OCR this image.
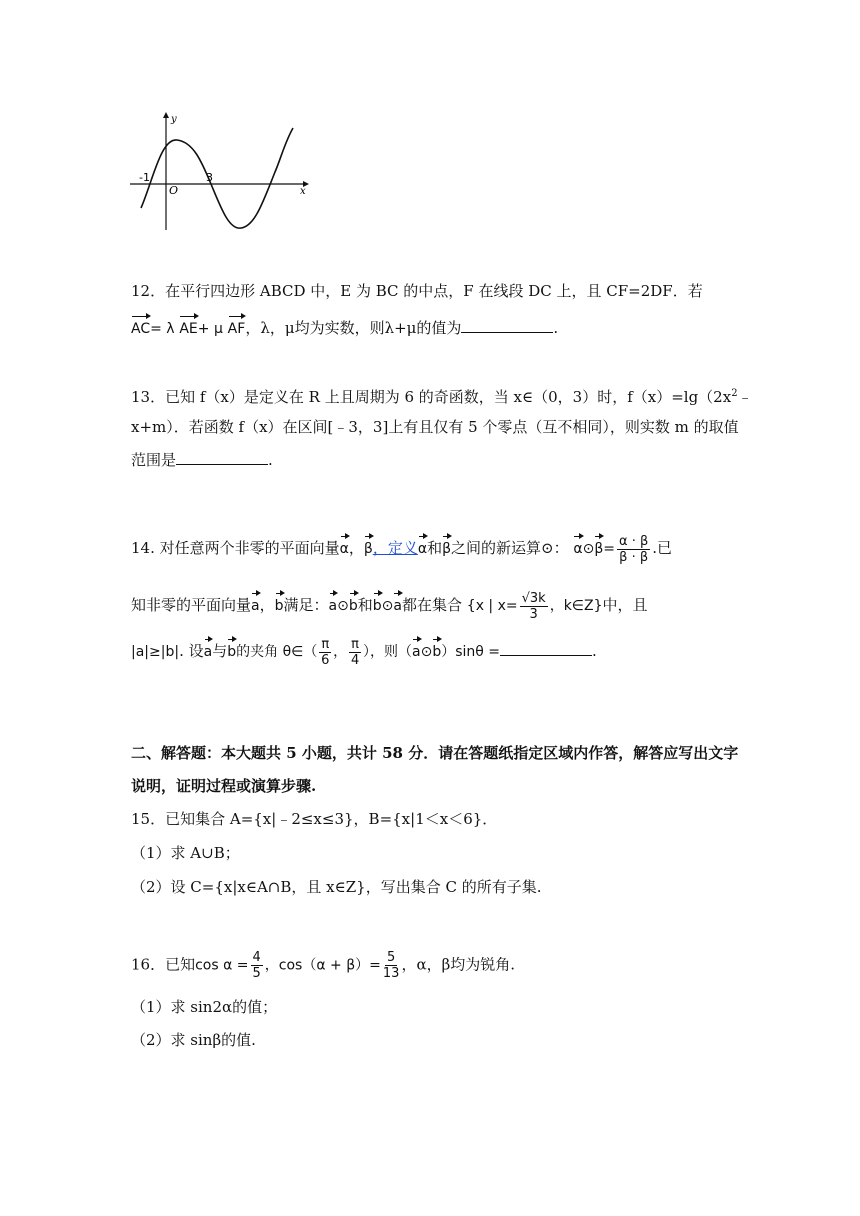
y
x
-1
O
3
12．在平行四边形 ABCD 中，E 为 BC 的中点，F 在线段 DC 上，且 CF=2DF．若
AC= λ AE+ μ AF，λ，μ均为实数，则λ+μ的值为	.
13．已知 f（x）是定义在 R 上且周期为 6 的奇函数，当 x∈（0，3）时，$f(x)=\lg(2x^2﹣$
x+m）．若函数 f（x）在区间[﹣3，3]上有且仅有 5 个零点（互不相同），则实数 m 的取值
范围是	.
14. 对任意两个非零的平面向量α，β，定义α和β之间的新运算⊙： α⊙β= $\frac{\alpha \cdot \beta}{\beta \cdot \beta}$ .已
知非零的平面向量a，b满足：a⊙b和b⊙a都在集合 {x | $x= \frac{√3k}{3}$ ，k∈Z}中，且
|a|≥|b|. 设a与b的夹角 θ∈（ $\frac{\pi}{6}$ ， $\frac{\pi}{4}$ ），则（a⊙b）sinθ =	.
二、解答题：本大题共 5 小题，共计 58 分．请在答题纸指定区域内作答，解答应写出文字
说明，证明过程或演算步骤.
15．已知集合 A={x|﹣2≤x≤3}，B={x|1＜x＜6}．
（1）求 A∪B；
（2）设 C={x|x∈A∩B，且 x∈Z}，写出集合 C 的所有子集.
16．已知$\cos \alpha = \frac{4}{5}$ ，$\cos(\alpha + \beta)= \frac{5}{13}$ ，α，β均为锐角.
（1）求 sin2α的值；
（2）求 sinβ的值.
